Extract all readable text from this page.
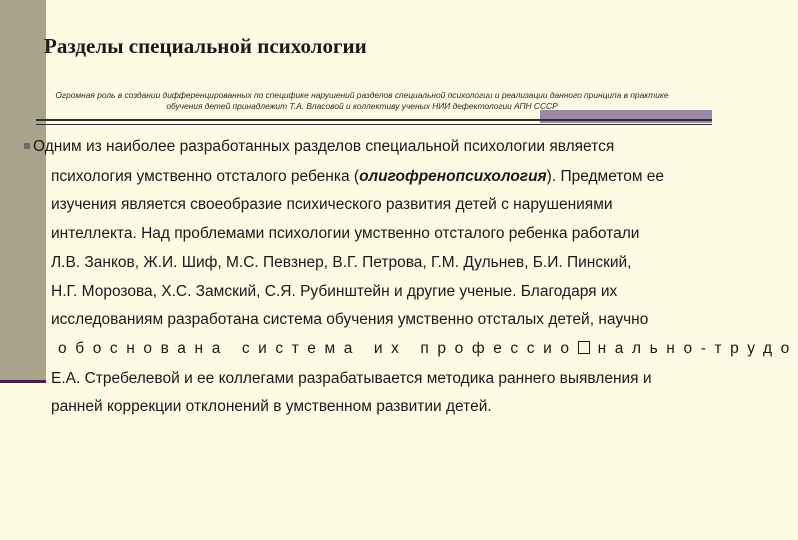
Разделы специальной психологии
Огромная роль в создании дифференцированных по специфике нарушений разделов специальной психологии и реализации данного принципа в практике обучения детей принадлежит Т.А. Власовой и коллективу ученых НИИ дефектологии АПН СССР
Одним из наиболее разработанных разделов специальной психологии является
психология умственно отсталого ребенка (олигофренопсихология). Предметом ее
изучения является своеобразие психического развития детей с нарушениями
интеллекта. Над проблемами психологии умственно отсталого ребенка работали
Л.В. Занков, Ж.И. Шиф, М.С. Певзнер, В.Г. Петрова, Г.М. Дульнев, Б.И. Пинский,
Н.Г. Морозова, Х.С. Замский, С.Я. Рубинштейн и другие ученые. Благодаря их
исследованиям разработана система обучения умственно отсталых детей, научно
обоснована система их профессио нально-трудо
Е.А. Стребелевой и ее коллегами разрабатывается методика раннего выявления и
ранней коррекции отклонений в умственном развитии детей.
